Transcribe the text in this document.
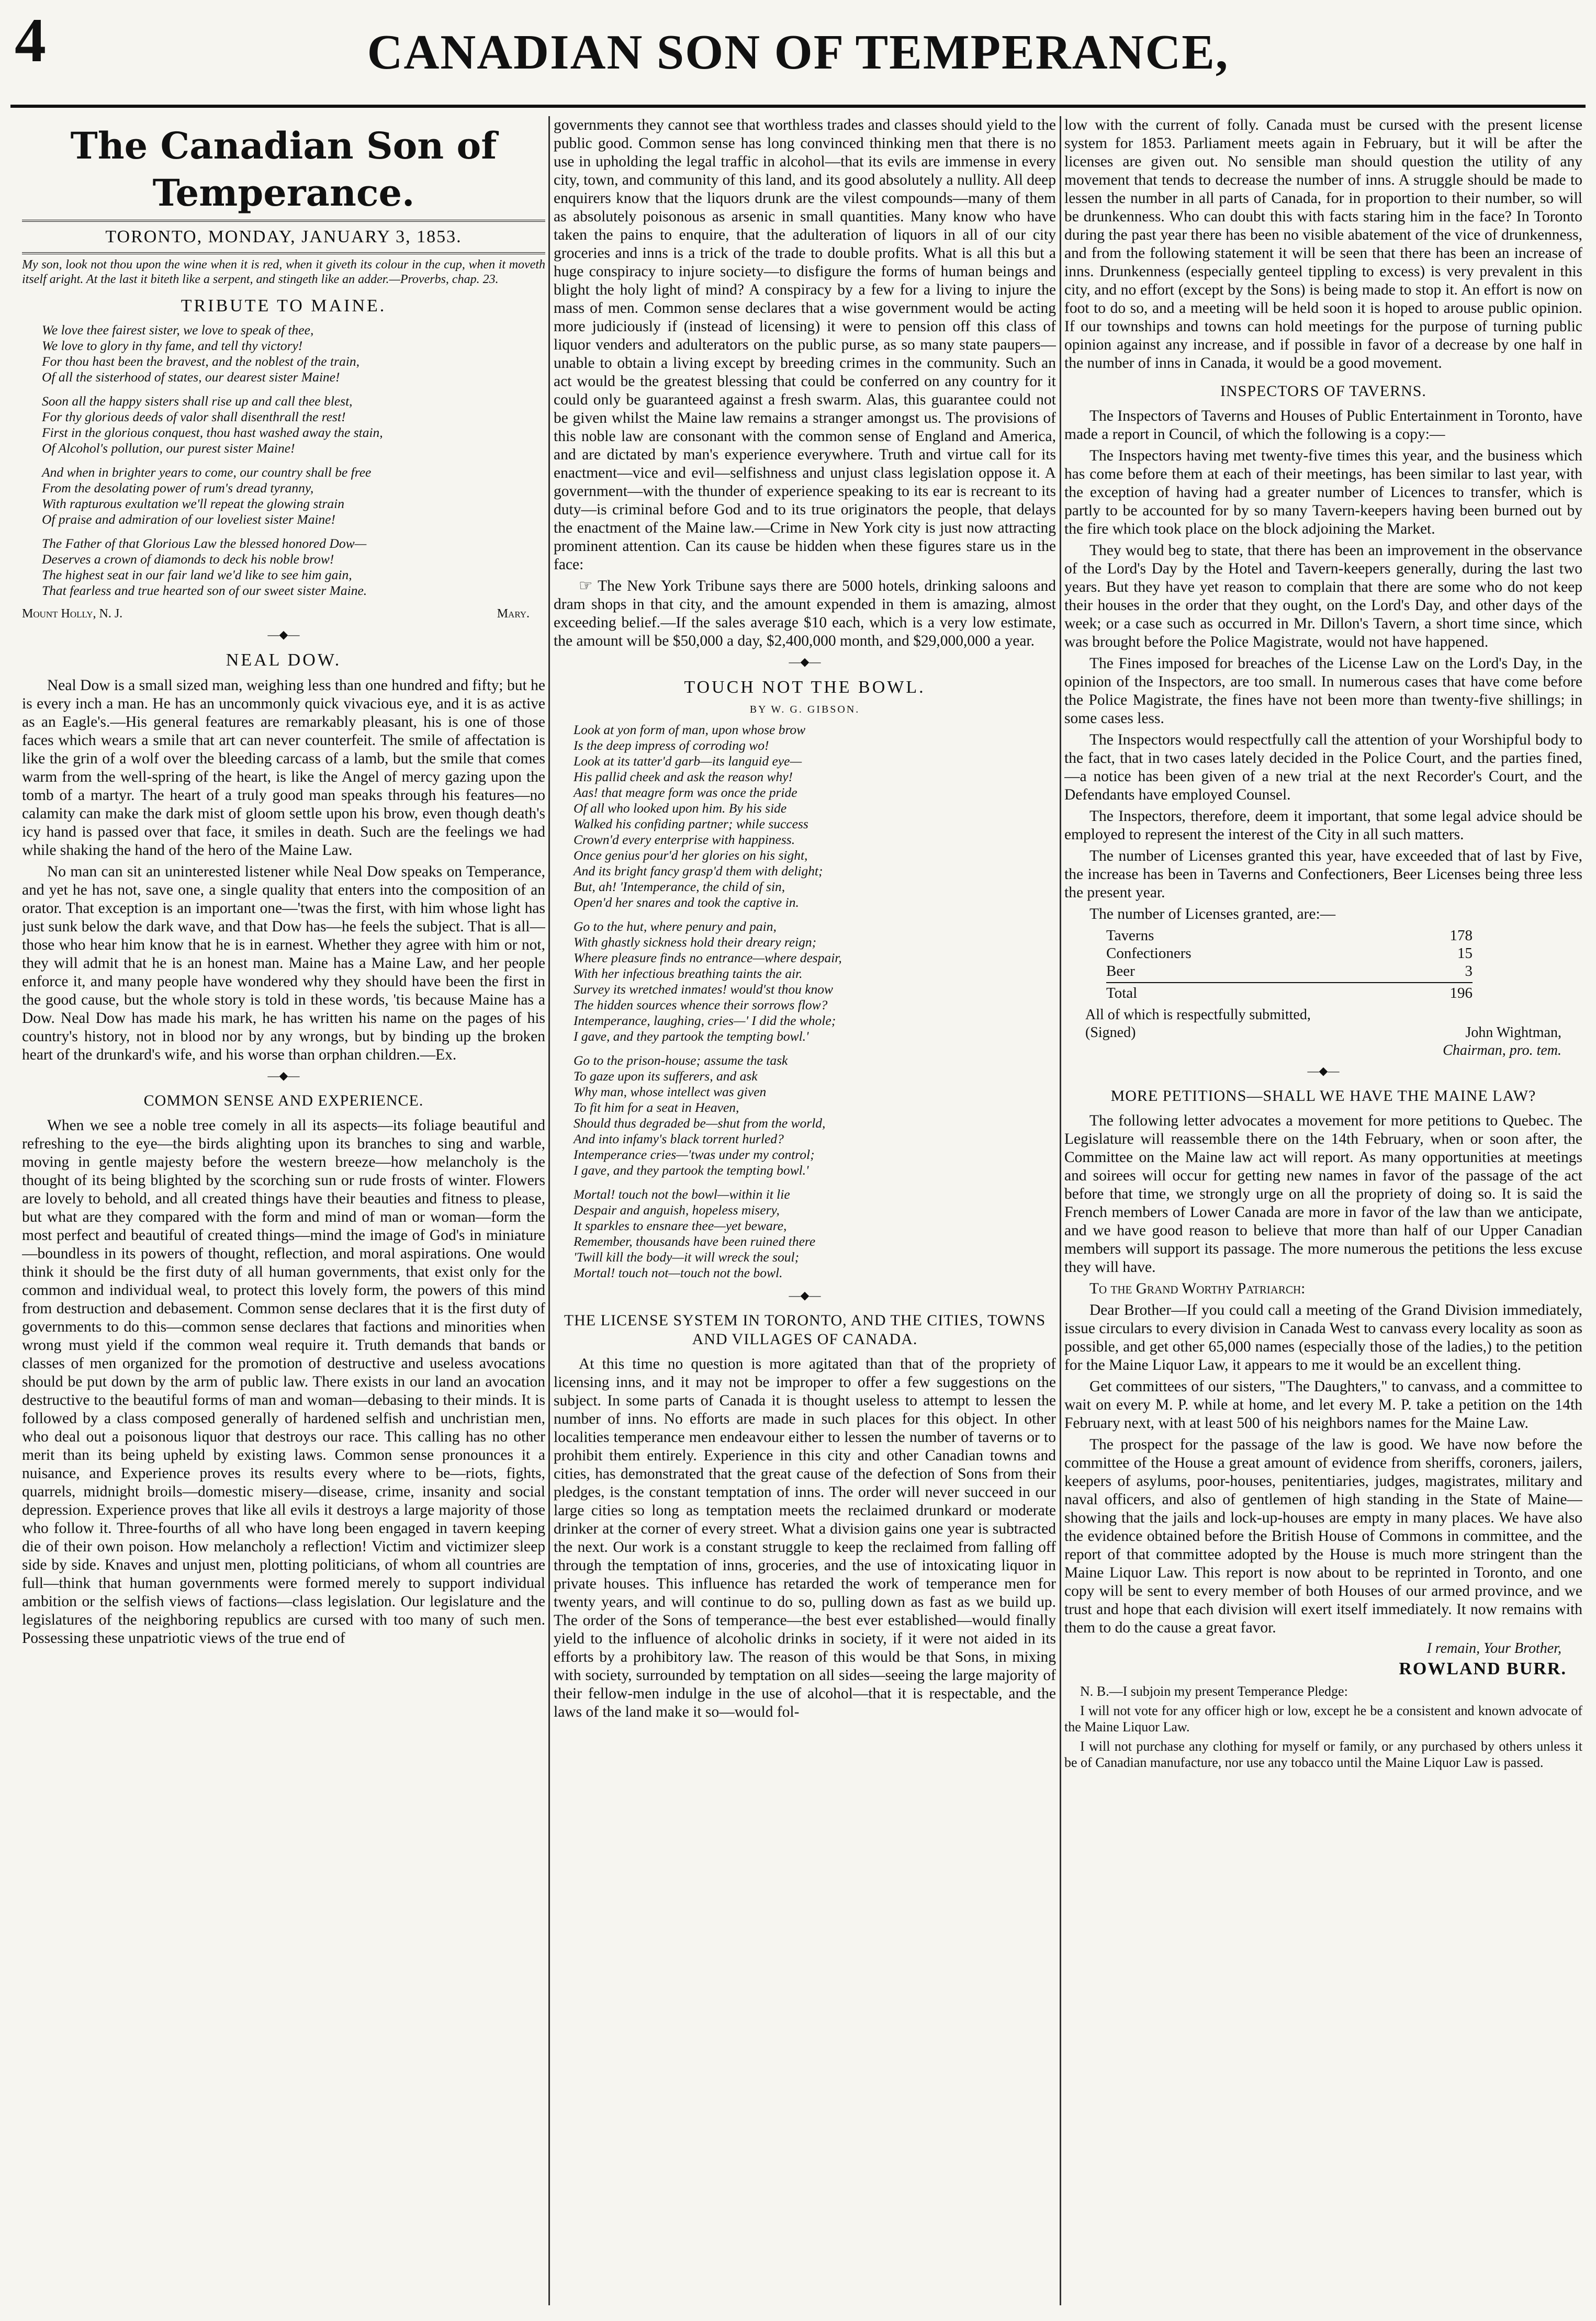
4	CANADIAN SON OF TEMPERANCE,
The Canadian Son of Temperance.
TORONTO, MONDAY, JANUARY 3, 1853.
My son, look not thou upon the wine when it is red, when it giveth its colour in the cup, when it moveth itself aright. At the last it biteth like a serpent, and stingeth like an adder.—Proverbs, chap. 23.
TRIBUTE TO MAINE.
We love thee fairest sister, we love to speak of thee,
We love to glory in thy fame, and tell thy victory!
For thou hast been the bravest, and the noblest of the train,
Of all the sisterhood of states, our dearest sister Maine!
Soon all the happy sisters shall rise up and call thee blest,
For thy glorious deeds of valor shall disenthrall the rest!
First in the glorious conquest, thou hast washed away the stain,
Of Alcohol's pollution, our purest sister Maine!
And when in brighter years to come, our country shall be free
From the desolating power of rum's dread tyranny,
With rapturous exultation we'll repeat the glowing strain
Of praise and admiration of our loveliest sister Maine!
The Father of that Glorious Law the blessed honored Dow—
Deserves a crown of diamonds to deck his noble brow!
The highest seat in our fair land we'd like to see him gain,
That fearless and true hearted son of our sweet sister Maine.
Mount Holly, N. J.	Mary.
—◆—
NEAL DOW.

Neal Dow is a small sized man, weighing less than one hundred and fifty; but he is every inch a man. He has an uncommonly quick vivacious eye, and it is as active as an Eagle's.—His general features are remarkably pleasant, his is one of those faces which wears a smile that art can never counterfeit. The smile of affectation is like the grin of a wolf over the bleeding carcass of a lamb, but the smile that comes warm from the well-spring of the heart, is like the Angel of mercy gazing upon the tomb of a martyr. The heart of a truly good man speaks through his features—no calamity can make the dark mist of gloom settle upon his brow, even though death's icy hand is passed over that face, it smiles in death. Such are the feelings we had while shaking the hand of the hero of the Maine Law.

No man can sit an uninterested listener while Neal Dow speaks on Temperance, and yet he has not, save one, a single quality that enters into the composition of an orator. That exception is an important one—'twas the first, with him whose light has just sunk below the dark wave, and that Dow has—he feels the subject. That is all—those who hear him know that he is in earnest. Whether they agree with him or not, they will admit that he is an honest man. Maine has a Maine Law, and her people enforce it, and many people have wondered why they should have been the first in the good cause, but the whole story is told in these words, 'tis because Maine has a Dow. Neal Dow has made his mark, he has written his name on the pages of his country's history, not in blood nor by any wrongs, but by binding up the broken heart of the drunkard's wife, and his worse than orphan children.—Ex.

—◆—
COMMON SENSE AND EXPERIENCE.

When we see a noble tree comely in all its aspects—its foliage beautiful and refreshing to the eye—the birds alighting upon its branches to sing and warble, moving in gentle majesty before the western breeze—how melancholy is the thought of its being blighted by the scorching sun or rude frosts of winter. Flowers are lovely to behold, and all created things have their beauties and fitness to please, but what are they compared with the form and mind of man or woman—form the most perfect and beautiful of created things—mind the image of God's in miniature—boundless in its powers of thought, reflection, and moral aspirations. One would think it should be the first duty of all human governments, that exist only for the common and individual weal, to protect this lovely form, the powers of this mind from destruction and debasement. Common sense declares that it is the first duty of governments to do this—common sense declares that factions and minorities when wrong must yield if the common weal require it. Truth demands that bands or classes of men organized for the promotion of destructive and useless avocations should be put down by the arm of public law. There exists in our land an avocation destructive to the beautiful forms of man and woman—debasing to their minds. It is followed by a class composed generally of hardened selfish and unchristian men, who deal out a poisonous liquor that destroys our race. This calling has no other merit than its being upheld by existing laws. Common sense pronounces it a nuisance, and Experience proves its results every where to be—riots, fights, quarrels, midnight broils—domestic misery—disease, crime, insanity and social depression. Experience proves that like all evils it destroys a large majority of those who follow it. Three-fourths of all who have long been engaged in tavern keeping die of their own poison. How melancholy a reflection! Victim and victimizer sleep side by side. Knaves and unjust men, plotting politicians, of whom all countries are full—think that human governments were formed merely to support individual ambition or the selfish views of factions—class legislation. Our legislature and the legislatures of the neighboring republics are cursed with too many of such men. Possessing these unpatriotic views of the true end of

governments they cannot see that worthless trades and classes should yield to the public good. Common sense has long convinced thinking men that there is no use in upholding the legal traffic in alcohol—that its evils are immense in every city, town, and community of this land, and its good absolutely a nullity. All deep enquirers know that the liquors drunk are the vilest compounds—many of them as absolutely poisonous as arsenic in small quantities. Many know who have taken the pains to enquire, that the adulteration of liquors in all of our city groceries and inns is a trick of the trade to double profits. What is all this but a huge conspiracy to injure society—to disfigure the forms of human beings and blight the holy light of mind? A conspiracy by a few for a living to injure the mass of men. Common sense declares that a wise government would be acting more judiciously if (instead of licensing) it were to pension off this class of liquor venders and adulterators on the public purse, as so many state paupers—unable to obtain a living except by breeding crimes in the community. Such an act would be the greatest blessing that could be conferred on any country for it could only be guaranteed against a fresh swarm. Alas, this guarantee could not be given whilst the Maine law remains a stranger amongst us. The provisions of this noble law are consonant with the common sense of England and America, and are dictated by man's experience everywhere. Truth and virtue call for its enactment—vice and evil—selfishness and unjust class legislation oppose it. A government—with the thunder of experience speaking to its ear is recreant to its duty—is criminal before God and to its true originators the people, that delays the enactment of the Maine law.—Crime in New York city is just now attracting prominent attention. Can its cause be hidden when these figures stare us in the face:

☞ The New York Tribune says there are 5000 hotels, drinking saloons and dram shops in that city, and the amount expended in them is amazing, almost exceeding belief.—If the sales average $10 each, which is a very low estimate, the amount will be $50,000 a day, $2,400,000 month, and $29,000,000 a year.

—◆—
TOUCH NOT THE BOWL.
BY W. G. GIBSON.
Look at yon form of man, upon whose brow
Is the deep impress of corroding wo!
Look at its tatter'd garb—its languid eye—
His pallid cheek and ask the reason why!
Aas! that meagre form was once the pride
Of all who looked upon him. By his side
Walked his confiding partner; while success
Crown'd every enterprise with happiness.
Once genius pour'd her glories on his sight,
And its bright fancy grasp'd them with delight;
But, ah! 'Intemperance, the child of sin,
Open'd her snares and took the captive in.
Go to the hut, where penury and pain,
With ghastly sickness hold their dreary reign;
Where pleasure finds no entrance—where despair,
With her infectious breathing taints the air.
Survey its wretched inmates! would'st thou know
The hidden sources whence their sorrows flow?
Intemperance, laughing, cries—' I did the whole;
I gave, and they partook the tempting bowl.'
Go to the prison-house; assume the task
To gaze upon its sufferers, and ask
Why man, whose intellect was given
To fit him for a seat in Heaven,
Should thus degraded be—shut from the world,
And into infamy's black torrent hurled?
Intemperance cries—'twas under my control;
I gave, and they partook the tempting bowl.'
Mortal! touch not the bowl—within it lie
Despair and anguish, hopeless misery,
It sparkles to ensnare thee—yet beware,
Remember, thousands have been ruined there
'Twill kill the body—it will wreck the soul;
Mortal! touch not—touch not the bowl.
—◆—
THE LICENSE SYSTEM IN TORONTO, AND THE CITIES, TOWNS AND VILLAGES OF CANADA.

At this time no question is more agitated than that of the propriety of licensing inns, and it may not be improper to offer a few suggestions on the subject. In some parts of Canada it is thought useless to attempt to lessen the number of inns. No efforts are made in such places for this object. In other localities temperance men endeavour either to lessen the number of taverns or to prohibit them entirely. Experience in this city and other Canadian towns and cities, has demonstrated that the great cause of the defection of Sons from their pledges, is the constant temptation of inns. The order will never succeed in our large cities so long as temptation meets the reclaimed drunkard or moderate drinker at the corner of every street. What a division gains one year is subtracted the next. Our work is a constant struggle to keep the reclaimed from falling off through the temptation of inns, groceries, and the use of intoxicating liquor in private houses. This influence has retarded the work of temperance men for twenty years, and will continue to do so, pulling down as fast as we build up. The order of the Sons of temperance—the best ever established—would finally yield to the influence of alcoholic drinks in society, if it were not aided in its efforts by a prohibitory law. The reason of this would be that Sons, in mixing with society, surrounded by temptation on all sides—seeing the large majority of their fellow-men indulge in the use of alcohol—that it is respectable, and the laws of the land make it so—would fol-

low with the current of folly. Canada must be cursed with the present license system for 1853. Parliament meets again in February, but it will be after the licenses are given out. No sensible man should question the utility of any movement that tends to decrease the number of inns. A struggle should be made to lessen the number in all parts of Canada, for in proportion to their number, so will be drunkenness. Who can doubt this with facts staring him in the face? In Toronto during the past year there has been no visible abatement of the vice of drunkenness, and from the following statement it will be seen that there has been an increase of inns. Drunkenness (especially genteel tippling to excess) is very prevalent in this city, and no effort (except by the Sons) is being made to stop it. An effort is now on foot to do so, and a meeting will be held soon it is hoped to arouse public opinion. If our townships and towns can hold meetings for the purpose of turning public opinion against any increase, and if possible in favor of a decrease by one half in the number of inns in Canada, it would be a good movement.

INSPECTORS OF TAVERNS.

The Inspectors of Taverns and Houses of Public Entertainment in Toronto, have made a report in Council, of which the following is a copy:—

The Inspectors having met twenty-five times this year, and the business which has come before them at each of their meetings, has been similar to last year, with the exception of having had a greater number of Licences to transfer, which is partly to be accounted for by so many Tavern-keepers having been burned out by the fire which took place on the block adjoining the Market.

They would beg to state, that there has been an improvement in the observance of the Lord's Day by the Hotel and Tavern-keepers generally, during the last two years. But they have yet reason to complain that there are some who do not keep their houses in the order that they ought, on the Lord's Day, and other days of the week; or a case such as occurred in Mr. Dillon's Tavern, a short time since, which was brought before the Police Magistrate, would not have happened.

The Fines imposed for breaches of the License Law on the Lord's Day, in the opinion of the Inspectors, are too small. In numerous cases that have come before the Police Magistrate, the fines have not been more than twenty-five shillings; in some cases less.

The Inspectors would respectfully call the attention of your Worshipful body to the fact, that in two cases lately decided in the Police Court, and the parties fined,—a notice has been given of a new trial at the next Recorder's Court, and the Defendants have employed Counsel.

The Inspectors, therefore, deem it important, that some legal advice should be employed to represent the interest of the City in all such matters.

The number of Licenses granted this year, have exceeded that of last by Five, the increase has been in Taverns and Confectioners, Beer Licenses being three less the present year.

The number of Licenses granted, are:—

Taverns	178
Confectioners	15
Beer	3
Total	196
All of which is respectfully submitted,
(Signed)	John Wightman,
Chairman, pro. tem.
—◆—
MORE PETITIONS—SHALL WE HAVE THE MAINE LAW?

The following letter advocates a movement for more petitions to Quebec. The Legislature will reassemble there on the 14th February, when or soon after, the Committee on the Maine law act will report. As many opportunities at meetings and soirees will occur for getting new names in favor of the passage of the act before that time, we strongly urge on all the propriety of doing so. It is said the French members of Lower Canada are more in favor of the law than we anticipate, and we have good reason to believe that more than half of our Upper Canadian members will support its passage. The more numerous the petitions the less excuse they will have.

To the Grand Worthy Patriarch:

Dear Brother—If you could call a meeting of the Grand Division immediately, issue circulars to every division in Canada West to canvass every locality as soon as possible, and get other 65,000 names (especially those of the ladies,) to the petition for the Maine Liquor Law, it appears to me it would be an excellent thing.

Get committees of our sisters, "The Daughters," to canvass, and a committee to wait on every M. P. while at home, and let every M. P. take a petition on the 14th February next, with at least 500 of his neighbors names for the Maine Law.

The prospect for the passage of the law is good. We have now before the committee of the House a great amount of evidence from sheriffs, coroners, jailers, keepers of asylums, poor-houses, penitentiaries, judges, magistrates, military and naval officers, and also of gentlemen of high standing in the State of Maine—showing that the jails and lock-up-houses are empty in many places. We have also the evidence obtained before the British House of Commons in committee, and the report of that committee adopted by the House is much more stringent than the Maine Liquor Law. This report is now about to be reprinted in Toronto, and one copy will be sent to every member of both Houses of our armed province, and we trust and hope that each division will exert itself immediately. It now remains with them to do the cause a great favor.

I remain, Your Brother,
ROWLAND BURR.

N. B.—I subjoin my present Temperance Pledge:

I will not vote for any officer high or low, except he be a consistent and known advocate of the Maine Liquor Law.

I will not purchase any clothing for myself or family, or any purchased by others unless it be of Canadian manufacture, nor use any tobacco until the Maine Liquor Law is passed.
